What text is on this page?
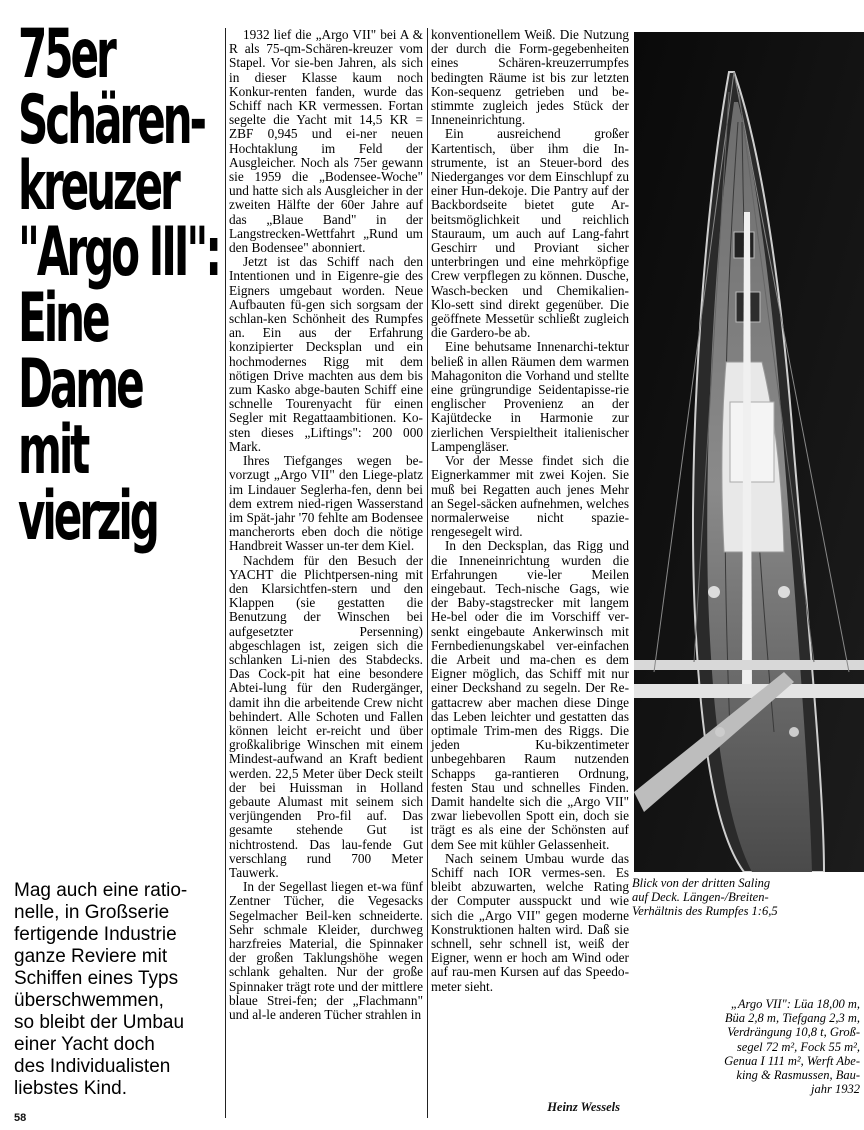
75er
Schären-
kreuzer
"Argo III":
Eine
Dame
mit
vierzig
Mag auch eine ratio-
nelle, in Großserie
fertigende Industrie
ganze Reviere mit
Schiffen eines Typs
überschwemmen,
so bleibt der Umbau
einer Yacht doch
des Individualisten
liebstes Kind.

1932 lief die „Argo VII" bei A & R als 75-qm-Schären-kreuzer vom Stapel. Vor sie-ben Jahren, als sich in dieser Klasse kaum noch Konkur-renten fanden, wurde das Schiff nach KR vermessen. Fortan segelte die Yacht mit 14,5 KR = ZBF 0,945 und ei-ner neuen Hochtaklung im Feld der Ausgleicher. Noch als 75er gewann sie 1959 die „Bodensee-Woche" und hatte sich als Ausgleicher in der zweiten Hälfte der 60er Jahre auf das „Blaue Band" in der Langstrecken-Wettfahrt „Rund um den Bodensee" abonniert.

Jetzt ist das Schiff nach den Intentionen und in Eigenre-gie des Eigners umgebaut worden. Neue Aufbauten fü-gen sich sorgsam der schlan-ken Schönheit des Rumpfes an. Ein aus der Erfahrung konzipierter Decksplan und ein hochmodernes Rigg mit dem nötigen Drive machten aus dem bis zum Kasko abge-bauten Schiff eine schnelle Tourenyacht für einen Segler mit Regattaambitionen. Ko-sten dieses „Liftings": 200 000 Mark.

Ihres Tiefganges wegen be-vorzugt „Argo VII" den Liege-platz im Lindauer Seglerha-fen, denn bei dem extrem nied-rigen Wasserstand im Spät-jahr '70 fehlte am Bodensee mancherorts eben doch die nötige Handbreit Wasser un-ter dem Kiel.

Nachdem für den Besuch der YACHT die Plichtpersen-ning mit den Klarsichtfen-stern und den Klappen (sie gestatten die Benutzung der Winschen bei aufgesetzter Persenning) abgeschlagen ist, zeigen sich die schlanken Li-nien des Stabdecks. Das Cock-pit hat eine besondere Abtei-lung für den Rudergänger, damit ihn die arbeitende Crew nicht behindert. Alle Schoten und Fallen können leicht er-reicht und über großkalibrige Winschen mit einem Mindest-aufwand an Kraft bedient werden. 22,5 Meter über Deck steilt der bei Huissman in Holland gebaute Alumast mit seinem sich verjüngenden Pro-fil auf. Das gesamte stehende Gut ist nichtrostend. Das lau-fende Gut verschlang rund 700 Meter Tauwerk.

In der Segellast liegen et-wa fünf Zentner Tücher, die Vegesacks Segelmacher Beil-ken schneiderte. Sehr schmale Kleider, durchweg harzfreies Material, die Spinnaker der großen Taklungshöhe wegen schlank gehalten. Nur der große Spinnaker trägt rote und der mittlere blaue Strei-fen; der „Flachmann" und al-le anderen Tücher strahlen in

konventionellem Weiß. Die Nutzung der durch die Form-gegebenheiten eines Schären-kreuzerrumpfes bedingten Räume ist bis zur letzten Kon-sequenz getrieben und be-stimmte zugleich jedes Stück der Inneneinrichtung.

Ein ausreichend großer Kartentisch, über ihm die In-strumente, ist an Steuer-bord des Niederganges vor dem Einschlupf zu einer Hun-dekoje. Die Pantry auf der Backbordseite bietet gute Ar-beitsmöglichkeit und reichlich Stauraum, um auch auf Lang-fahrt Geschirr und Proviant sicher unterbringen und eine mehrköpfige Crew verpflegen zu können. Dusche, Wasch-becken und Chemikalien-Klo-sett sind direkt gegenüber. Die geöffnete Messetür schließt zugleich die Gardero-be ab.

Eine behutsame Innenarchi-tektur beließ in allen Räumen dem warmen Mahagoniton die Vorhand und stellte eine grüngrundige Seidentapisse-rie englischer Provenienz an der Kajütdecke in Harmonie zur zierlichen Verspieltheit italienischer Lampengläser.

Vor der Messe findet sich die Eignerkammer mit zwei Kojen. Sie muß bei Regatten auch jenes Mehr an Segel-säcken aufnehmen, welches normalerweise nicht spazie-rengesegelt wird.

In den Decksplan, das Rigg und die Inneneinrichtung wurden die Erfahrungen vie-ler Meilen eingebaut. Tech-nische Gags, wie der Baby-stagstrecker mit langem He-bel oder die im Vorschiff ver-senkt eingebaute Ankerwinsch mit Fernbedienungskabel ver-einfachen die Arbeit und ma-chen es dem Eigner möglich, das Schiff mit nur einer Deckshand zu segeln. Der Re-gattacrew aber machen diese Dinge das Leben leichter und gestatten das optimale Trim-men des Riggs. Die jeden Ku-bikzentimeter unbegehbaren Raum nutzenden Schapps ga-rantieren Ordnung, festen Stau und schnelles Finden. Damit handelte sich die „Argo VII" zwar liebevollen Spott ein, doch sie trägt es als eine der Schönsten auf dem See mit kühler Gelassenheit.

Nach seinem Umbau wurde das Schiff nach IOR vermes-sen. Es bleibt abzuwarten, welche Rating der Computer ausspuckt und wie sich die „Argo VII" gegen moderne Konstruktionen halten wird. Daß sie schnell, sehr schnell ist, weiß der Eigner, wenn er hoch am Wind oder auf rau-men Kursen auf das Speedo-meter sieht.

Heinz Wessels
Blick von der dritten Saling
auf Deck. Längen-/Breiten-
Verhältnis des Rumpfes 1:6,5
„Argo VII": Lüa 18,00 m,
Büa 2,8 m, Tiefgang 2,3 m,
Verdrängung 10,8 t, Groß-
segel 72 m², Fock 55 m²,
Genua I 111 m², Werft Abe-
king & Rasmussen, Bau-
jahr 1932
58
